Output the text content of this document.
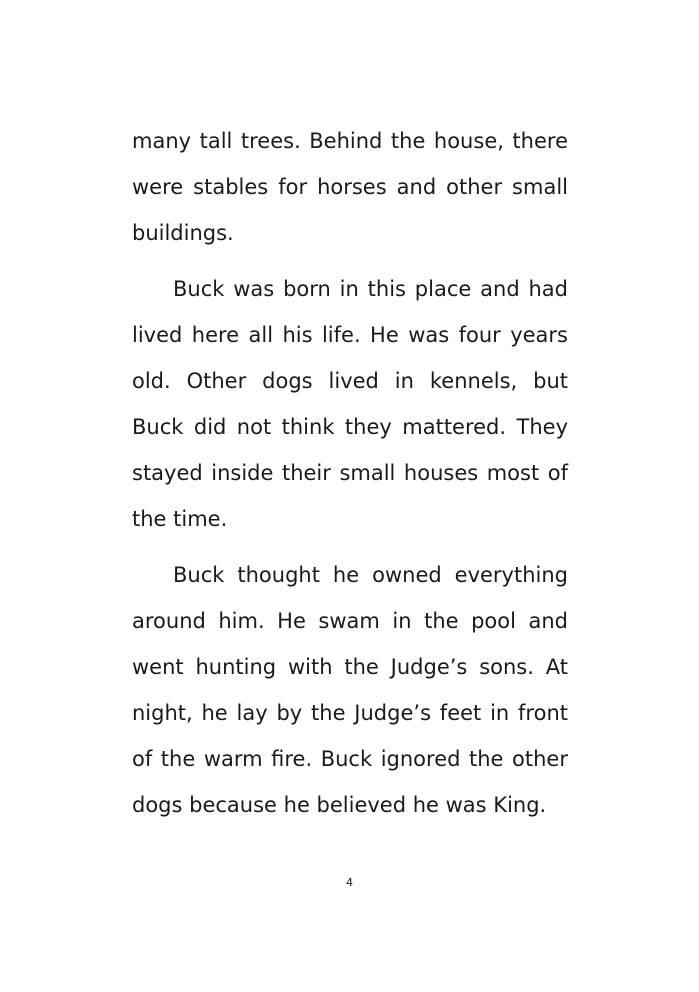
many tall trees. Behind the house, there were stables for horses and other small buildings.

Buck was born in this place and had lived here all his life. He was four years old. Other dogs lived in kennels, but Buck did not think they mattered. They stayed inside their small houses most of the time.

Buck thought he owned everything around him. He swam in the pool and went hunting with the Judge’s sons. At night, he lay by the Judge’s feet in front of the warm fire. Buck ignored the other dogs because he believed he was King.

4
